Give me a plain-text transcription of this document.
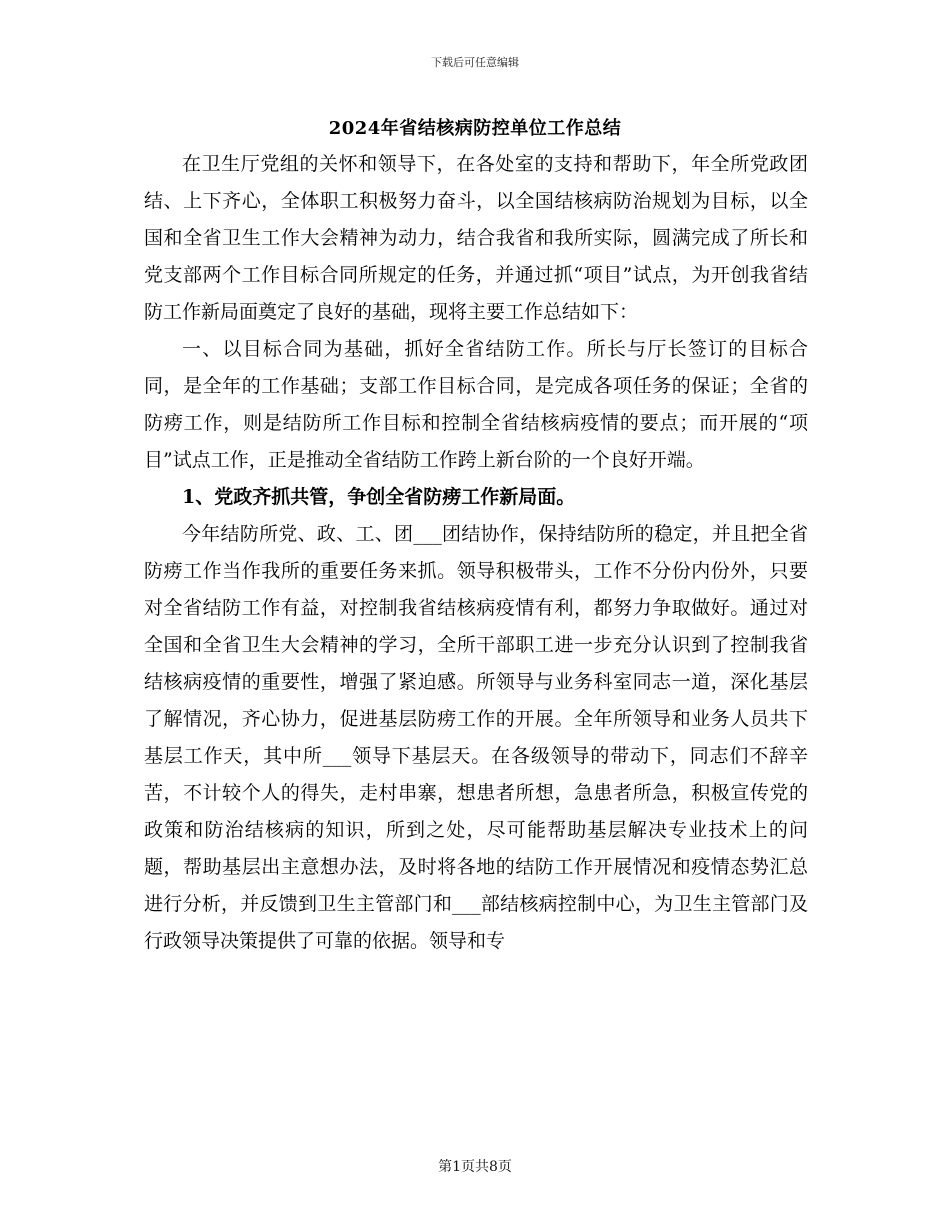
下载后可任意编辑
2024年省结核病防控单位工作总结

在卫生厅党组的关怀和领导下，在各处室的支持和帮助下，年全所党政团结、上下齐心，全体职工积极努力奋斗，以全国结核病防治规划为目标，以全国和全省卫生工作大会精神为动力，结合我省和我所实际，圆满完成了所长和党支部两个工作目标合同所规定的任务，并通过抓“项目”试点，为开创我省结防工作新局面奠定了良好的基础，现将主要工作总结如下：

一、以目标合同为基础，抓好全省结防工作。所长与厅长签订的目标合同，是全年的工作基础；支部工作目标合同，是完成各项任务的保证；全省的防痨工作，则是结防所工作目标和控制全省结核病疫情的要点；而开展的“项目”试点工作，正是推动全省结防工作跨上新台阶的一个良好开端。

1、党政齐抓共管，争创全省防痨工作新局面。

今年结防所党、政、工、团___团结协作，保持结防所的稳定，并且把全省防痨工作当作我所的重要任务来抓。领导积极带头，工作不分份内份外，只要对全省结防工作有益，对控制我省结核病疫情有利，都努力争取做好。通过对全国和全省卫生大会精神的学习，全所干部职工进一步充分认识到了控制我省结核病疫情的重要性，增强了紧迫感。所领导与业务科室同志一道，深化基层了解情况，齐心协力，促进基层防痨工作的开展。全年所领导和业务人员共下基层工作天，其中所___领导下基层天。在各级领导的带动下，同志们不辞辛苦，不计较个人的得失，走村串寨，想患者所想，急患者所急，积极宣传党的政策和防治结核病的知识，所到之处，尽可能帮助基层解决专业技术上的问题，帮助基层出主意想办法，及时将各地的结防工作开展情况和疫情态势汇总进行分析，并反馈到卫生主管部门和___部结核病控制中心，为卫生主管部门及行政领导决策提供了可靠的依据。领导和专

第1页共8页
